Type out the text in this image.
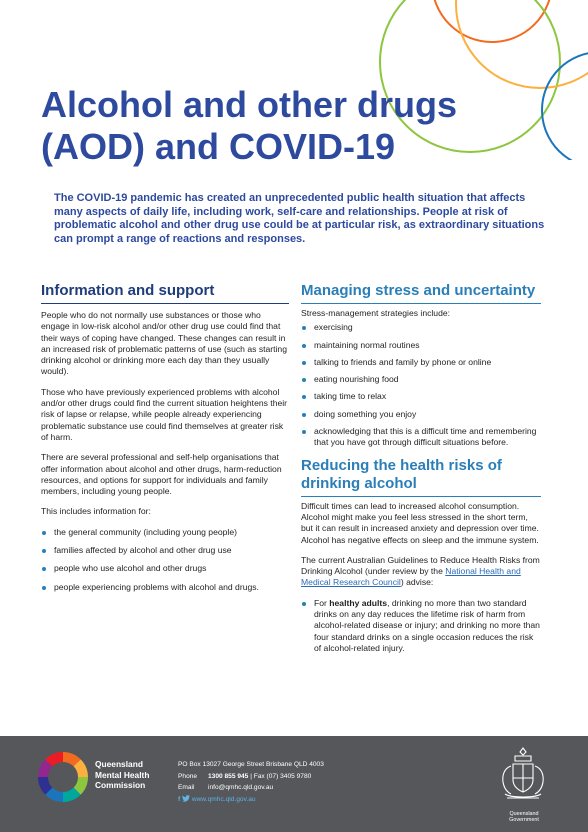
Alcohol and other drugs
(AOD) and COVID-19

The COVID-19 pandemic has created an unprecedented public health situation that affects many aspects of daily life, including work, self-care and relationships. People at risk of problematic alcohol and other drug use could be at particular risk, as extraordinary situations can prompt a range of reactions and responses.

Information and support

People who do not normally use substances or those who engage in low-risk alcohol and/or other drug use could find that their ways of coping have changed. These changes can result in an increased risk of problematic patterns of use (such as starting drinking alcohol or drinking more each day than they usually would).

Those who have previously experienced problems with alcohol and/or other drugs could find the current situation heightens their risk of lapse or relapse, while people already experiencing problematic substance use could find themselves at greater risk of harm.

There are several professional and self-help organisations that offer information about alcohol and other drugs, harm-reduction resources, and options for support for individuals and family members, including young people.

This includes information for:

the general community (including young people)
families affected by alcohol and other drug use
people who use alcohol and other drugs
people experiencing problems with alcohol and drugs.
Managing stress and uncertainty

Stress-management strategies include:

exercising
maintaining normal routines
talking to friends and family by phone or online
eating nourishing food
taking time to relax
doing something you enjoy
acknowledging that this is a difficult time and remembering that you have got through difficult situations before.
Reducing the health risks of drinking alcohol

Difficult times can lead to increased alcohol consumption. Alcohol might make you feel less stressed in the short term, but it can result in increased anxiety and depression over time. Alcohol has negative effects on sleep and the immune system.

The current Australian Guidelines to Reduce Health Risks from Drinking Alcohol (under review by the National Health and Medical Research Council) advise:

For healthy adults, drinking no more than two standard drinks on any day reduces the lifetime risk of harm from alcohol-related disease or injury; and drinking no more than four standard drinks on a single occasion reduces the risk of alcohol-related injury.
Queensland
Mental Health
Commission
PO Box 13027 George Street Brisbane QLD 4003
Phone 1300 855 945 | Fax (07) 3405 9780
Email info@qmhc.qld.gov.au
f www.qmhc.qld.gov.au
Queensland
Government
